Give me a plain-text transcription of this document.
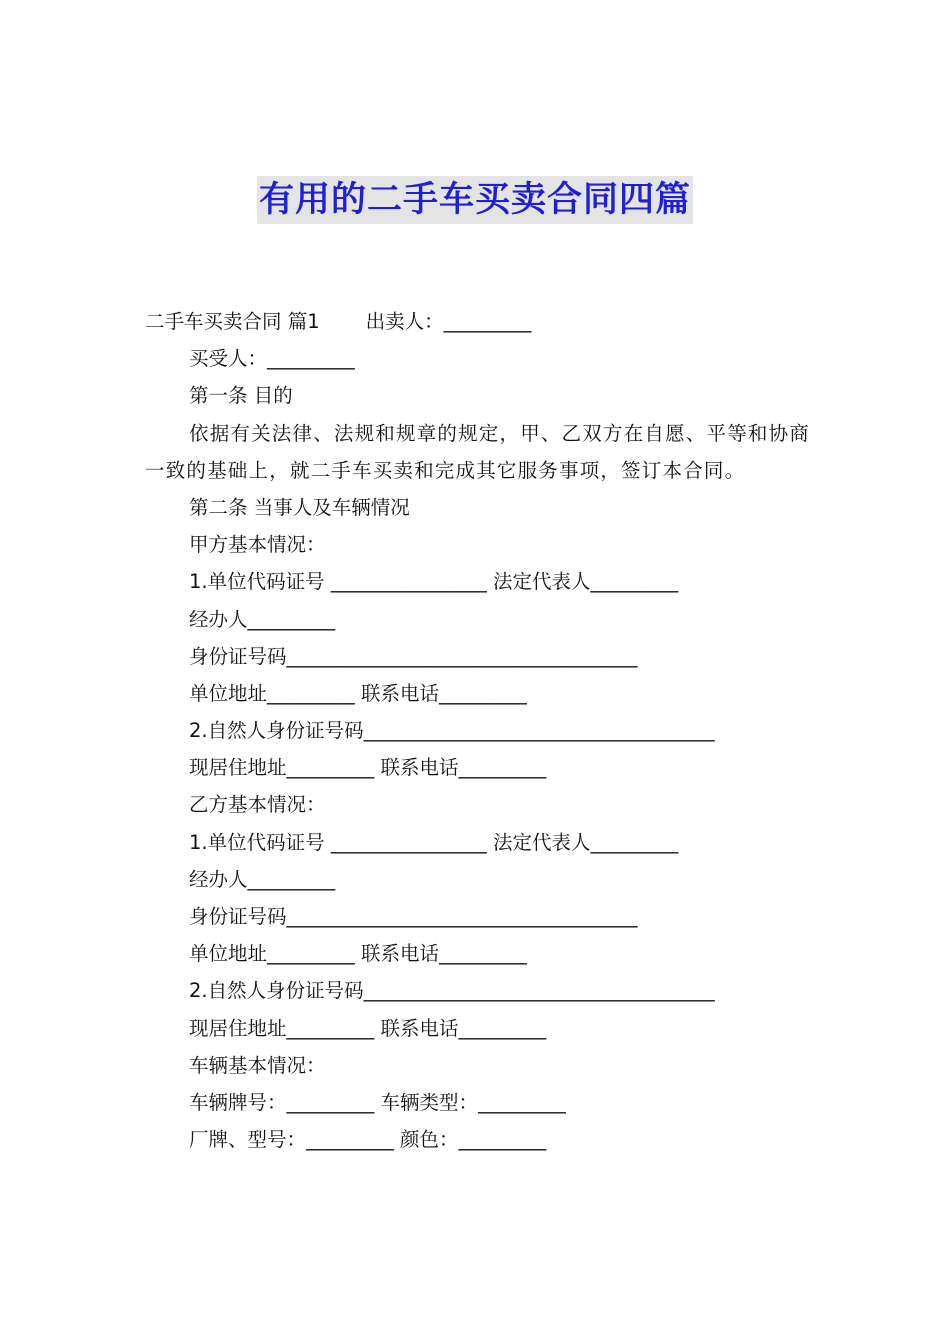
有用的二手车买卖合同四篇
二手车买卖合同 篇1 出卖人：_________
买受人：_________
第一条 目的
依据有关法律、法规和规章的规定，甲、乙双方在自愿、平等和协商一致的基础上，就二手车买卖和完成其它服务事项，签订本合同。
第二条 当事人及车辆情况
甲方基本情况：
1.单位代码证号 ________________ 法定代表人_________
经办人_________
身份证号码____________________________________
单位地址_________ 联系电话_________
2.自然人身份证号码____________________________________
现居住地址_________ 联系电话_________
乙方基本情况：
1.单位代码证号 ________________ 法定代表人_________
经办人_________
身份证号码____________________________________
单位地址_________ 联系电话_________
2.自然人身份证号码____________________________________
现居住地址_________ 联系电话_________
车辆基本情况：
车辆牌号：_________ 车辆类型：_________
厂牌、型号：_________ 颜色：_________
